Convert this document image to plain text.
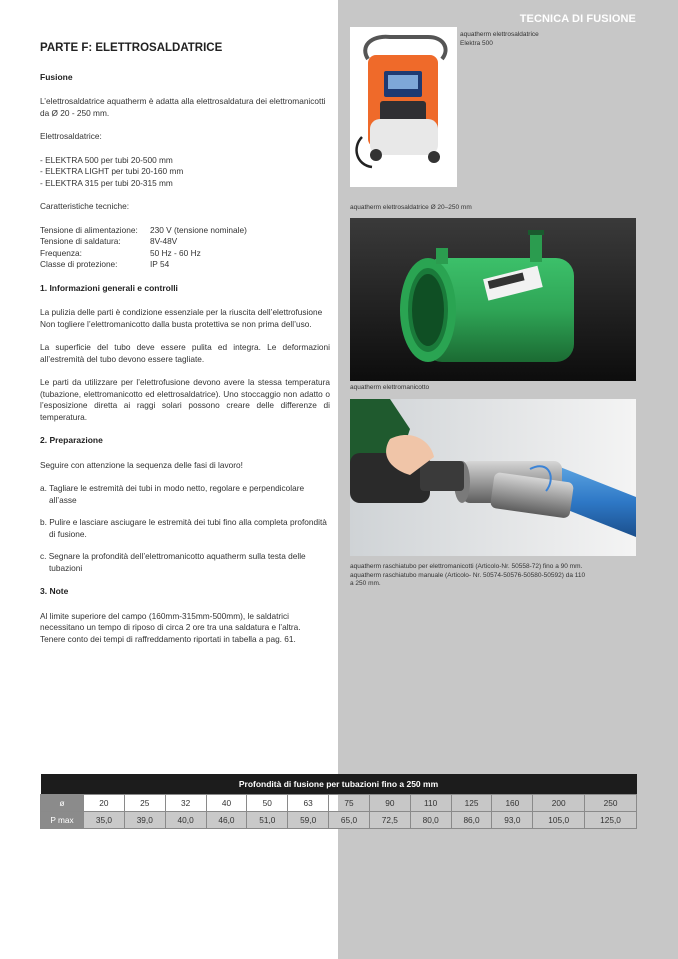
TECNICA DI FUSIONE
PARTE F: ELETTROSALDATRICE
Fusione

L’elettrosaldatrice aquatherm è adatta alla elettrosaldatura dei elettromanicotti da Ø 20 - 250 mm.

Elettrosaldatrice:

- ELEKTRA 500 per tubi 20-500 mm
- ELEKTRA LIGHT per tubi 20-160 mm
- ELEKTRA 315 per tubi 20-315 mm

Caratteristiche tecniche:

Tensione di alimentazione:	230 V (tensione nominale)
Tensione di saldatura:	8V-48V
Frequenza:	50 Hz - 60 Hz
Classe di protezione:	IP 54
1. Informazioni generali e controlli

La pulizia delle parti è condizione essenziale per la riuscita dell’elettrofusione Non togliere l’elettromanicotto dalla busta protettiva se non prima dell’uso.

La superficie del tubo deve essere pulita ed integra. Le deformazioni all’estremità del tubo devono essere tagliate.

Le parti da utilizzare per l’elettrofusione devono avere la stessa temperatura (tubazione, elettromanicotto ed elettrosaldatrice). Uno stoccaggio non adatto o l’esposizione diretta ai raggi solari possono creare delle differenze di temperatura.

2. Preparazione

Seguire con attenzione la sequenza delle fasi di lavoro!

a. Tagliare le estremità dei tubi in modo netto, regolare e perpendicolare all’asse
b. Pulire e lasciare asciugare le estremità dei tubi fino alla completa profondità di fusione.
c. Segnare la profondità dell’elettromanicotto aquatherm sulla testa delle tubazioni
3. Note

Al limite superiore del campo (160mm-315mm-500mm), le saldatrici necessitano un tempo di riposo di circa 2 ore tra una saldatura e l’altra.
Tenere conto dei tempi di raffreddamento riportati in tabella a pag. 61.

aquatherm elettrosaldatrice
Elektra 500
aquatherm elettrosaldatrice Ø 20–250 mm
aquatherm elettromanicotto
aquatherm raschiatubo per elettromanicotti (Articolo-Nr. 50558-72) fino a 90 mm.
aquatherm raschiatubo manuale (Articolo- Nr. 50574-50576-50580-50592) da 110
a 250 mm.
Profondità di fusione per tubazioni fino a 250 mm													
ø	20	25	32	40	50	63	75	90	110	125	160	200	250
P max	35,0	39,0	40,0	46,0	51,0	59,0	65,0	72,5	80,0	86,0	93,0	105,0	125,0
